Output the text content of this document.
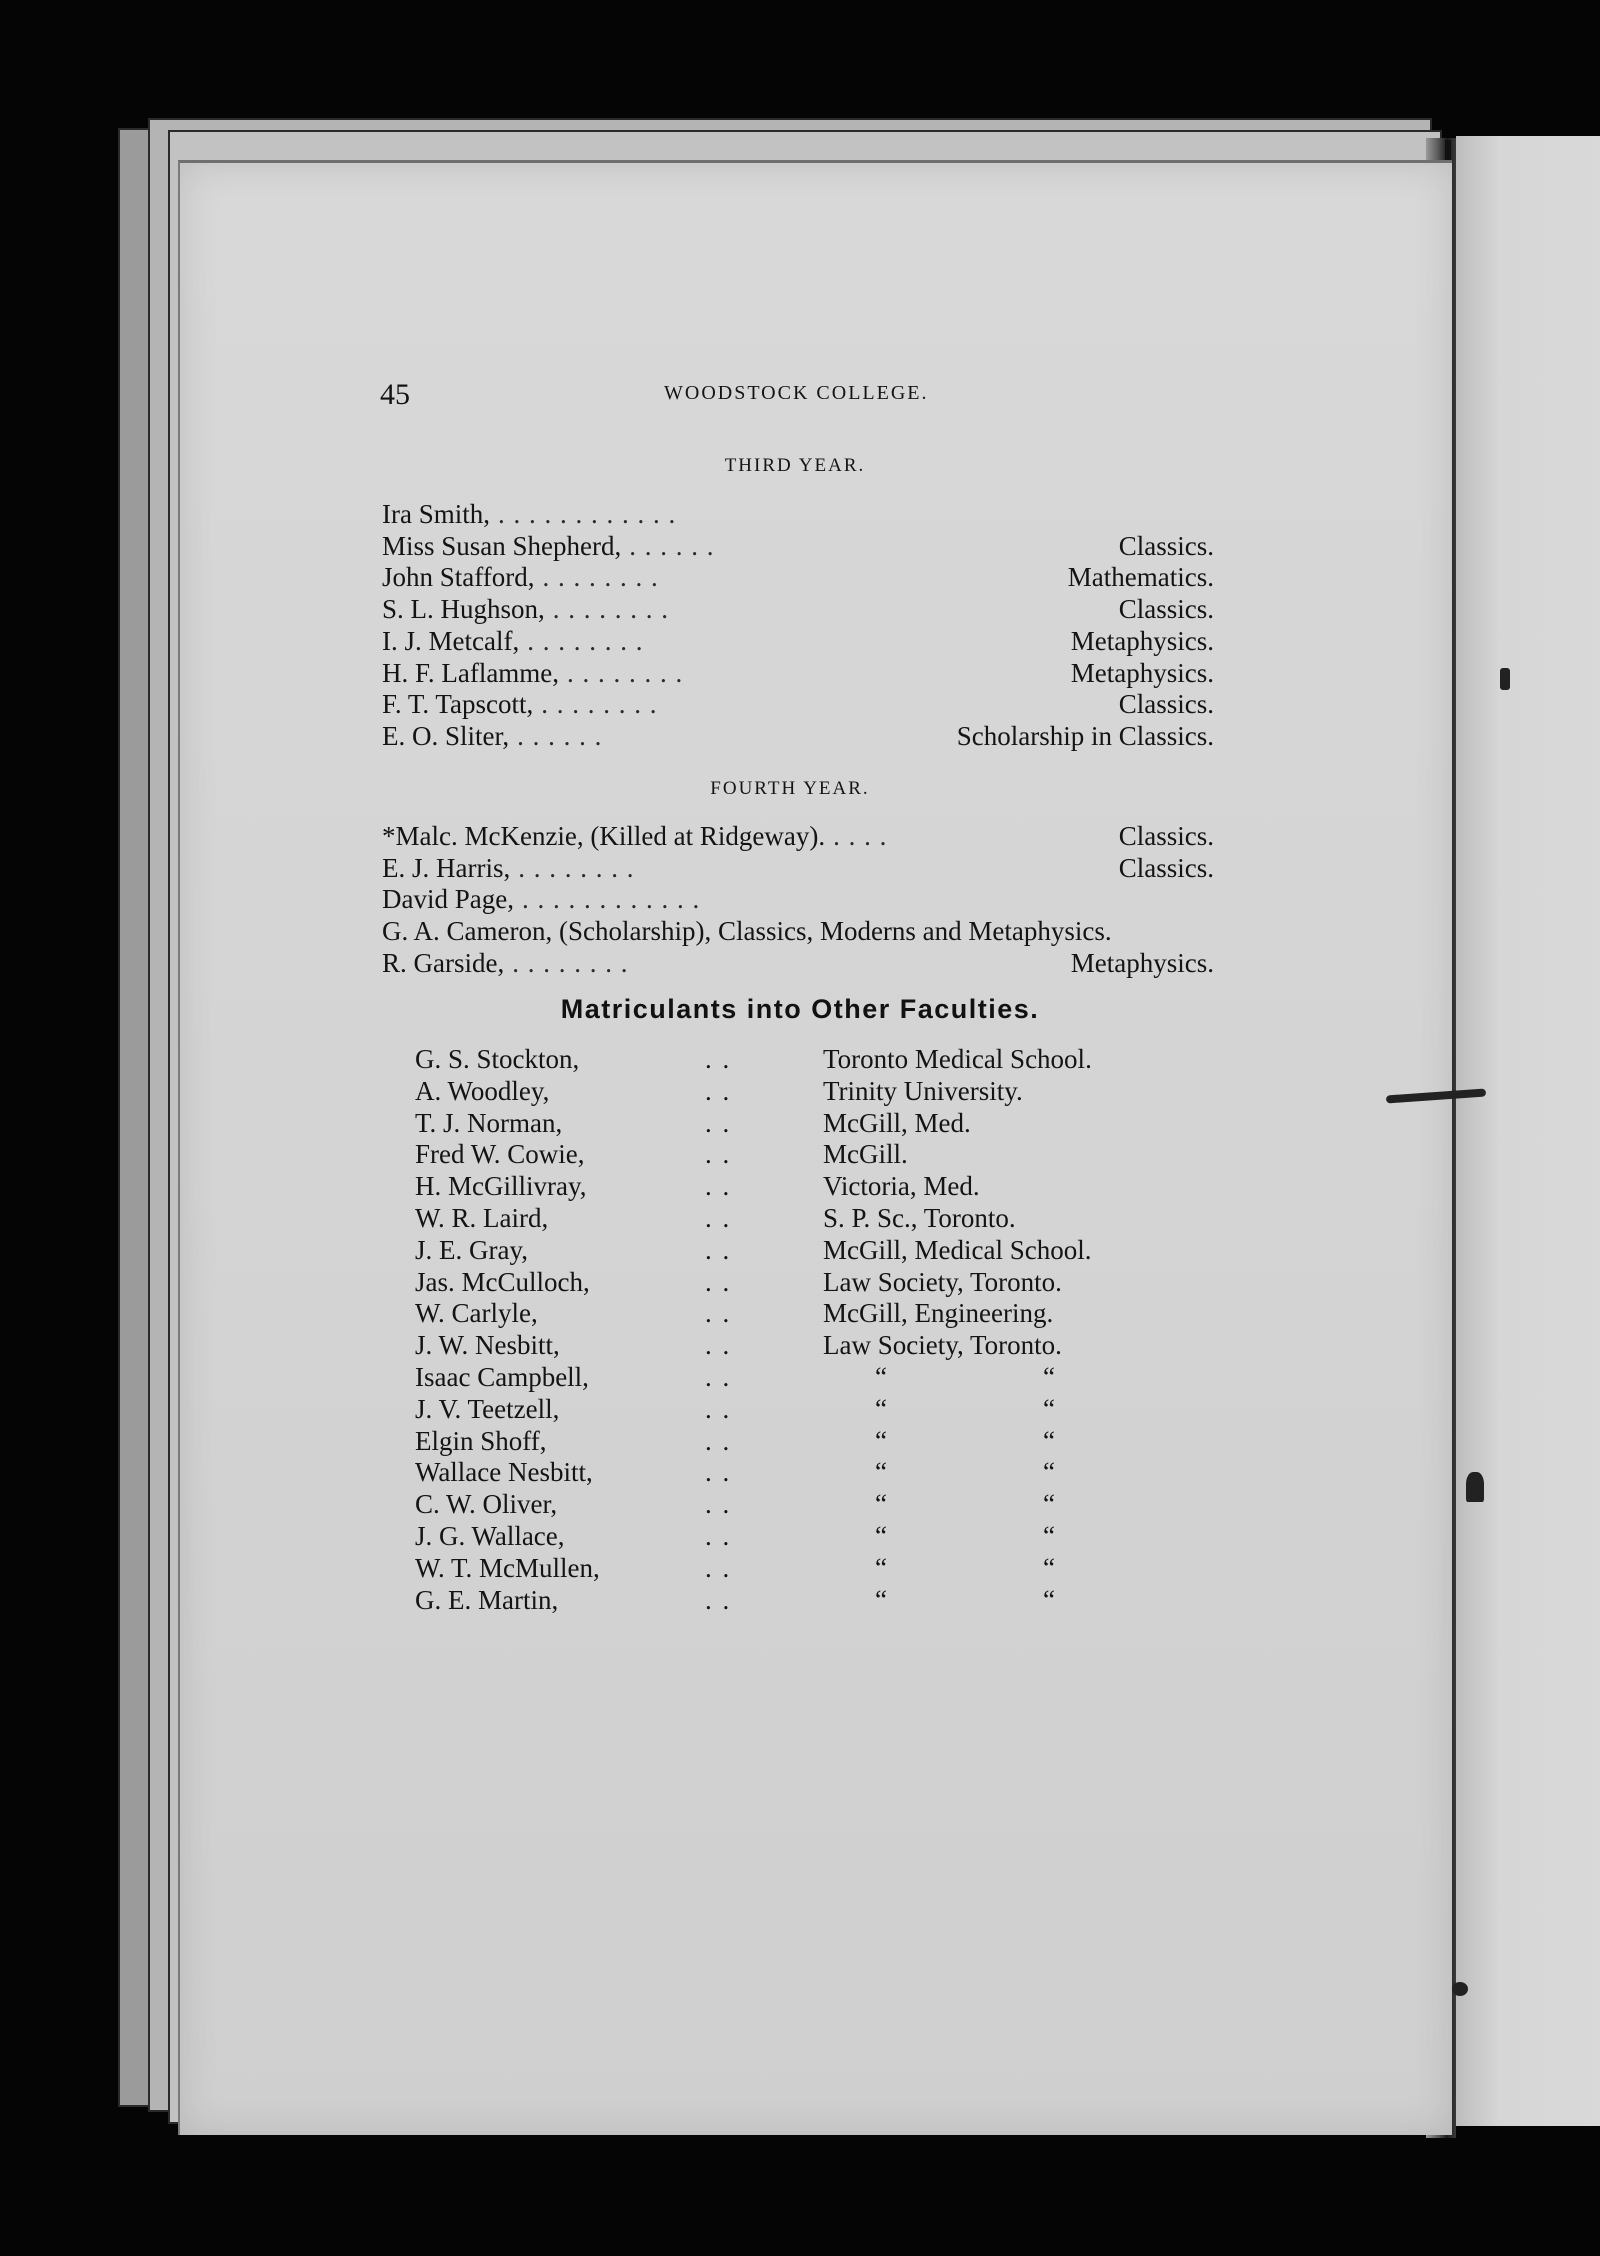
45	WOODSTOCK COLLEGE.
THIRD YEAR.
Ira Smith, . . . . . . . . . . . .
Miss Susan Shepherd, . . . . . .	Classics.
John Stafford, . . . . . . . .	Mathematics.
S. L. Hughson, . . . . . . . .	Classics.
I. J. Metcalf, . . . . . . . .	Metaphysics.
H. F. Laflamme, . . . . . . . .	Metaphysics.
F. T. Tapscott, . . . . . . . .	Classics.
E. O. Sliter, . . . . . .	Scholarship in Classics.
FOURTH YEAR.
*Malc. McKenzie, (Killed at Ridgeway). . . . .	Classics.
E. J. Harris, . . . . . . . .	Classics.
David Page, . . . . . . . . . . . .
G. A. Cameron, (Scholarship), Classics, Moderns and Metaphysics.
R. Garside, . . . . . . . .	Metaphysics.
Matriculants into Other Faculties.
G. S. Stockton,	. .	Toronto Medical School.
A. Woodley,	. .	Trinity University.
T. J. Norman,	. .	McGill, Med.
Fred W. Cowie,	. .	McGill.
H. McGillivray,	. .	Victoria, Med.
W. R. Laird,	. .	S. P. Sc., Toronto.
J. E. Gray,	. .	McGill, Medical School.
Jas. McCulloch,	. .	Law Society, Toronto.
W. Carlyle,	. .	McGill, Engineering.
J. W. Nesbitt,	. .	Law Society, Toronto.
Isaac Campbell,	. .	“	“
J. V. Teetzell,	. .	“	“
Elgin Shoff,	. .	“	“
Wallace Nesbitt,	. .	“	“
C. W. Oliver,	. .	“	“
J. G. Wallace,	. .	“	“
W. T. McMullen,	. .	“	“
G. E. Martin,	. .	“	“
